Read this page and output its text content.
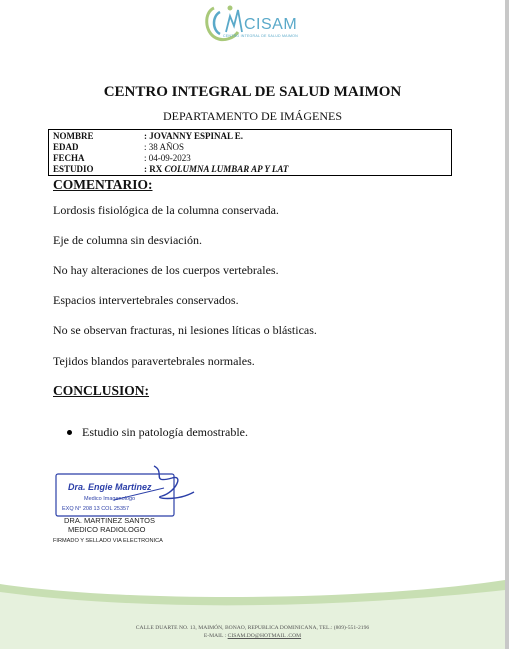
CISAM
CENTRO INTEGRAL DE SALUD MAIMON
CENTRO INTEGRAL DE SALUD MAIMON
DEPARTAMENTO DE IMÁGENES
NOMBRE	: JOVANNY ESPINAL E.
EDAD	: 38 AÑOS
FECHA	: 04-09-2023
ESTUDIO	: RX COLUMNA LUMBAR AP Y LAT
COMENTARIO:
Lordosis fisiológica de la columna conservada.
Eje de columna sin desviación.
No hay alteraciones de los cuerpos vertebrales.
Espacios intervertebrales conservados.
No se observan fracturas, ni lesiones líticas o blásticas.
Tejidos blandos paravertebrales normales.
CONCLUSION:
Estudio sin patología demostrable.
Dra. Engie Martinez
Medico Imagenologo
EXQ N° 208 13 COL 25357
DRA. MARTINEZ SANTOS
MEDICO RADIOLOGO
FIRMADO Y SELLADO VIA ELECTRONICA
CALLE DUARTE NO. 13, MAIMÓN, BONAO, REPUBLICA DOMINICANA, TEL.: (809)-551-2196
E-MAIL : CISAM.DO@HOTMAIL .COM
